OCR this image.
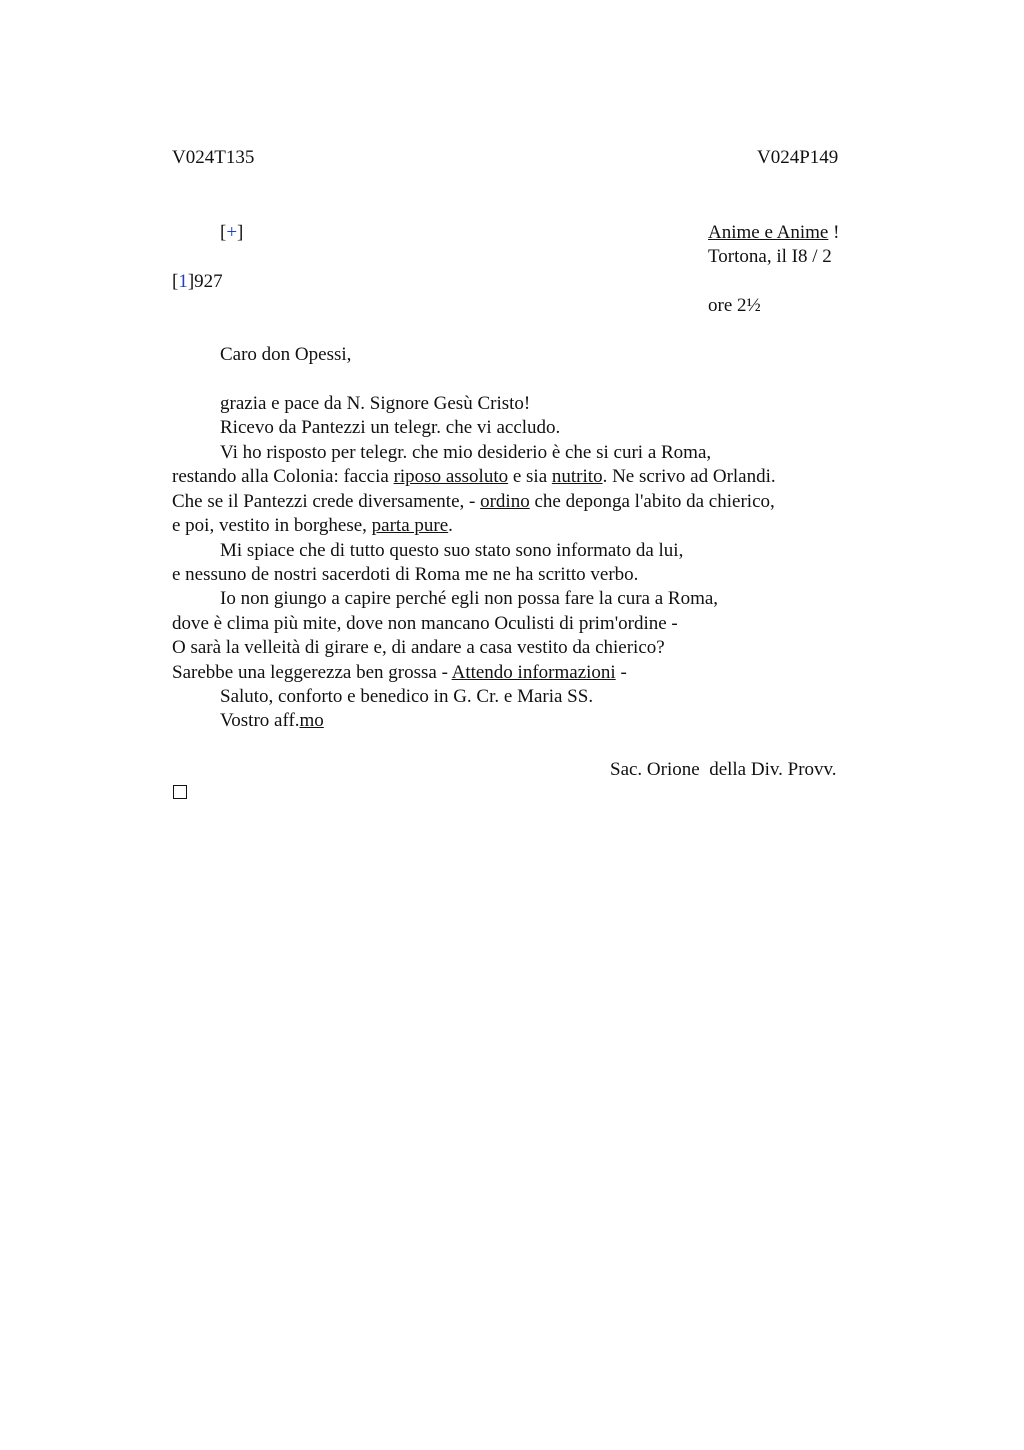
V024T135	V024P149
[+]	Anime e Anime !
Tortona, il I8 / 2
[1]927
ore 2½
Caro don Opessi,
grazia e pace da N. Signore Gesù Cristo!
Ricevo da Pantezzi un telegr. che vi accludo.
Vi ho risposto per telegr. che mio desiderio è che si curi a Roma,
restando alla Colonia: faccia riposo assoluto e sia nutrito. Ne scrivo ad Orlandi.
Che se il Pantezzi crede diversamente, - ordino che deponga l'abito da chierico,
e poi, vestito in borghese, parta pure.
Mi spiace che di tutto questo suo stato sono informato da lui,
e nessuno de nostri sacerdoti di Roma me ne ha scritto verbo.
Io non giungo a capire perché egli non possa fare la cura a Roma,
dove è clima più mite, dove non mancano Oculisti di prim'ordine -
O sarà la velleità di girare e, di andare a casa vestito da chierico?
Sarebbe una leggerezza ben grossa - Attendo informazioni -
Saluto, conforto e benedico in G. Cr. e Maria SS.
Vostro aff.mo
Sac. Orione  della Div. Provv.
